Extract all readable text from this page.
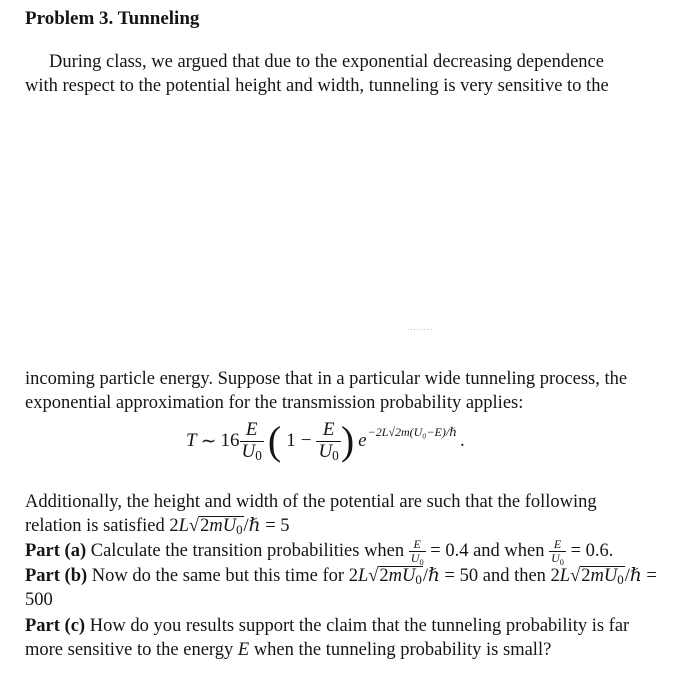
Problem 3. Tunneling
During class, we argued that due to the exponential decreasing dependence
with respect to the potential height and width, tunneling is very sensitive to the
........
incoming particle energy. Suppose that in a particular wide tunneling process, the
exponential approximation for the transmission probability applies:
T ∼ $16 \frac{E}{U_0}$ ( $1 - \frac{E}{U_0}$ ) e −2L√2m(U₀−E)/ℏ .
Additionally, the height and width of the potential are such that the following
relation is satisfied $2L√2mU_0/\hbar = 5$
Part (a) Calculate the transition probabilities when $\frac{E}{U_0} = 0.4$ and when $\frac{E}{U_0} = 0.6$.
Part (b) Now do the same but this time for $2L√2mU_0/\hbar = 50$ and then $2L√2mU_0/\hbar$ =
500
Part (c) How do you results support the claim that the tunneling probability is far
more sensitive to the energy E when the tunneling probability is small?
